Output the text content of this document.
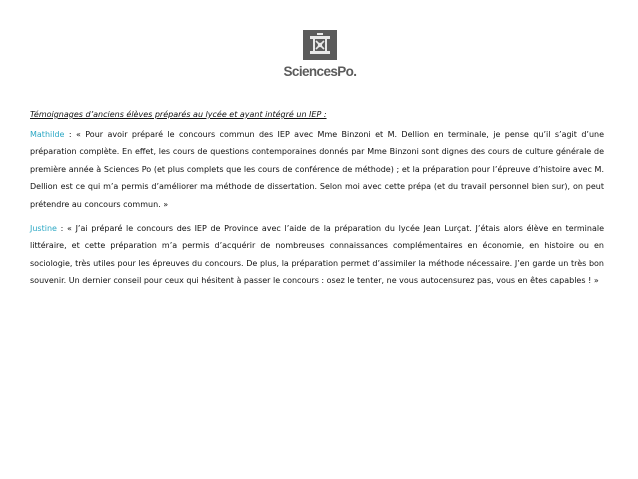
SciencesPo.

Témoignages d’anciens élèves préparés au lycée et ayant intégré un IEP :

Mathilde : « Pour avoir préparé le concours commun des IEP avec Mme Binzoni et M. Dellion en terminale, je pense qu’il s’agit d’une préparation complète. En effet, les cours de questions contemporaines donnés par Mme Binzoni sont dignes des cours de culture générale de première année à Sciences Po (et plus complets que les cours de conférence de méthode) ; et la préparation pour l’épreuve d’histoire avec M. Dellion est ce qui m’a permis d’améliorer ma méthode de dissertation. Selon moi avec cette prépa (et du travail personnel bien sur), on peut prétendre au concours commun. »

Justine : « J’ai préparé le concours des IEP de Province avec l’aide de la préparation du lycée Jean Lurçat. J’étais alors élève en terminale littéraire, et cette préparation m’a permis d’acquérir de nombreuses connaissances complémentaires en économie, en histoire ou en sociologie, très utiles pour les épreuves du concours. De plus, la préparation permet d’assimiler la méthode nécessaire. J’en garde un très bon souvenir. Un dernier conseil pour ceux qui hésitent à passer le concours : osez le tenter, ne vous autocensurez pas, vous en êtes capables ! »
